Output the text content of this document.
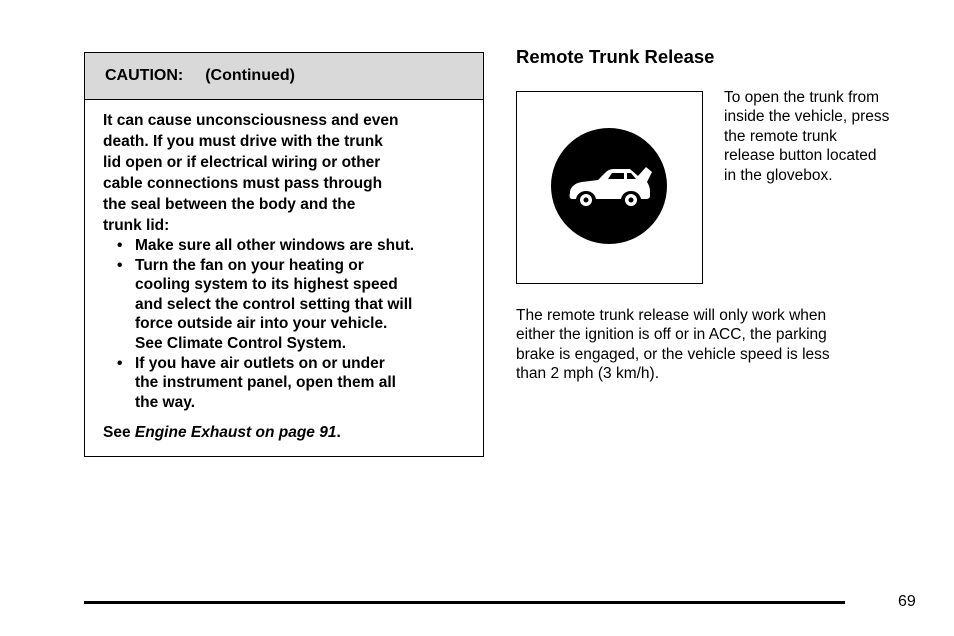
CAUTION: (Continued)
It can cause unconsciousness and even
death. If you must drive with the trunk
lid open or if electrical wiring or other
cable connections must pass through
the seal between the body and the
trunk lid:
• Make sure all other windows are shut.
• Turn the fan on your heating or
cooling system to its highest speed
and select the control setting that will
force outside air into your vehicle.
See Climate Control System.
• If you have air outlets on or under
the instrument panel, open them all
the way.
See Engine Exhaust on page 91.
Remote Trunk Release
To open the trunk from
inside the vehicle, press
the remote trunk
release button located
in the glovebox.
The remote trunk release will only work when
either the ignition is off or in ACC, the parking
brake is engaged, or the vehicle speed is less
than 2 mph (3 km/h).
69
